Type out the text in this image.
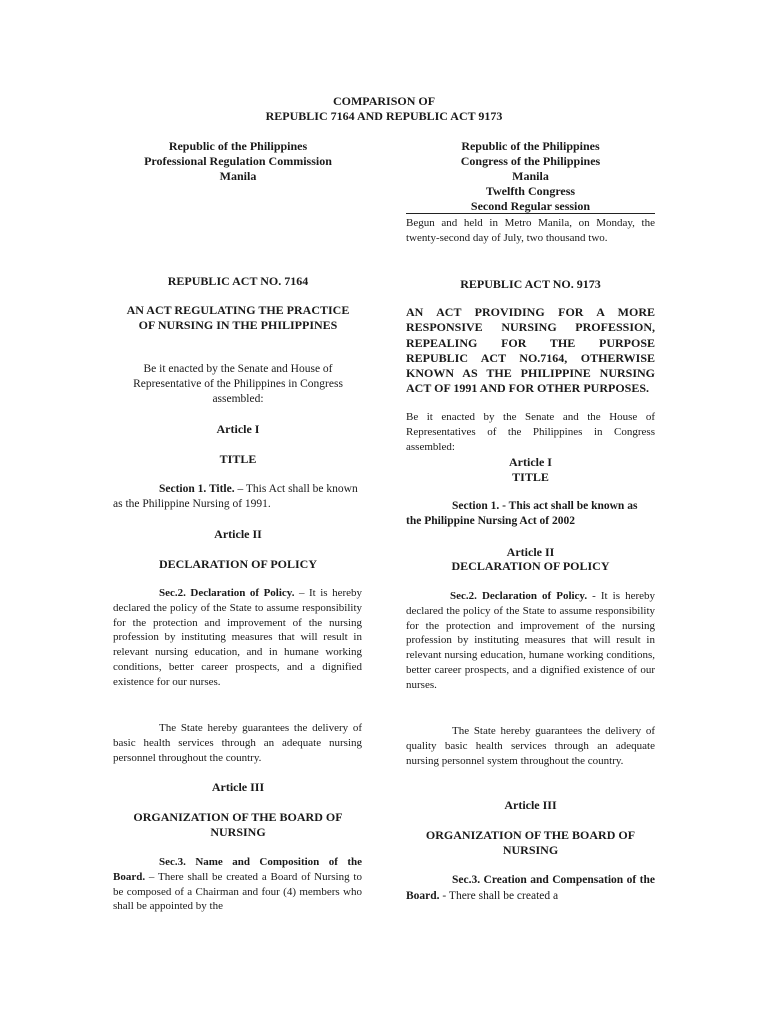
COMPARISON OF
REPUBLIC 7164 AND REPUBLIC ACT 9173
Republic of the Philippines
Professional Regulation Commission
Manila
REPUBLIC ACT NO. 7164
AN ACT REGULATING THE PRACTICE
OF NURSING IN THE PHILIPPINES
Be it enacted by the Senate and House of Representative of the Philippines in Congress assembled:
Article I
TITLE
Section 1. Title. – This Act shall be known as the Philippine Nursing of 1991.
Article II
DECLARATION OF POLICY
Sec.2. Declaration of Policy. – It is hereby declared the policy of the State to assume responsibility for the protection and improvement of the nursing profession by instituting measures that will result in relevant nursing education, and in humane working conditions, better career prospects, and a dignified existence for our nurses.
The State hereby guarantees the delivery of basic health services through an adequate nursing personnel throughout the country.
Article III
ORGANIZATION OF THE BOARD OF
NURSING
Sec.3. Name and Composition of the Board. – There shall be created a Board of Nursing to be composed of a Chairman and four (4) members who shall be appointed by the
Republic of the Philippines
Congress of the Philippines
Manila
Twelfth Congress
Second Regular session
Begun and held in Metro Manila, on Monday, the twenty-second day of July, two thousand two.
REPUBLIC ACT NO. 9173
AN ACT PROVIDING FOR A MORE RESPONSIVE NURSING PROFESSION, REPEALING FOR THE PURPOSE REPUBLIC ACT NO.7164, OTHERWISE KNOWN AS THE PHILIPPINE NURSING ACT OF 1991 AND FOR OTHER PURPOSES.
Be it enacted by the Senate and the House of Representatives of the Philippines in Congress assembled:
Article I
TITLE
Section 1. - This act shall be known as the Philippine Nursing Act of 2002
Article II
DECLARATION OF POLICY
Sec.2. Declaration of Policy. - It is hereby declared the policy of the State to assume responsibility for the protection and improvement of the nursing profession by instituting measures that will result in relevant nursing education, humane working conditions, better career prospects, and a dignified existence of our nurses.
The State hereby guarantees the delivery of quality basic health services through an adequate nursing personnel system throughout the country.
Article III
ORGANIZATION OF THE BOARD OF
NURSING
Sec.3. Creation and Compensation of the Board. - There shall be created a
